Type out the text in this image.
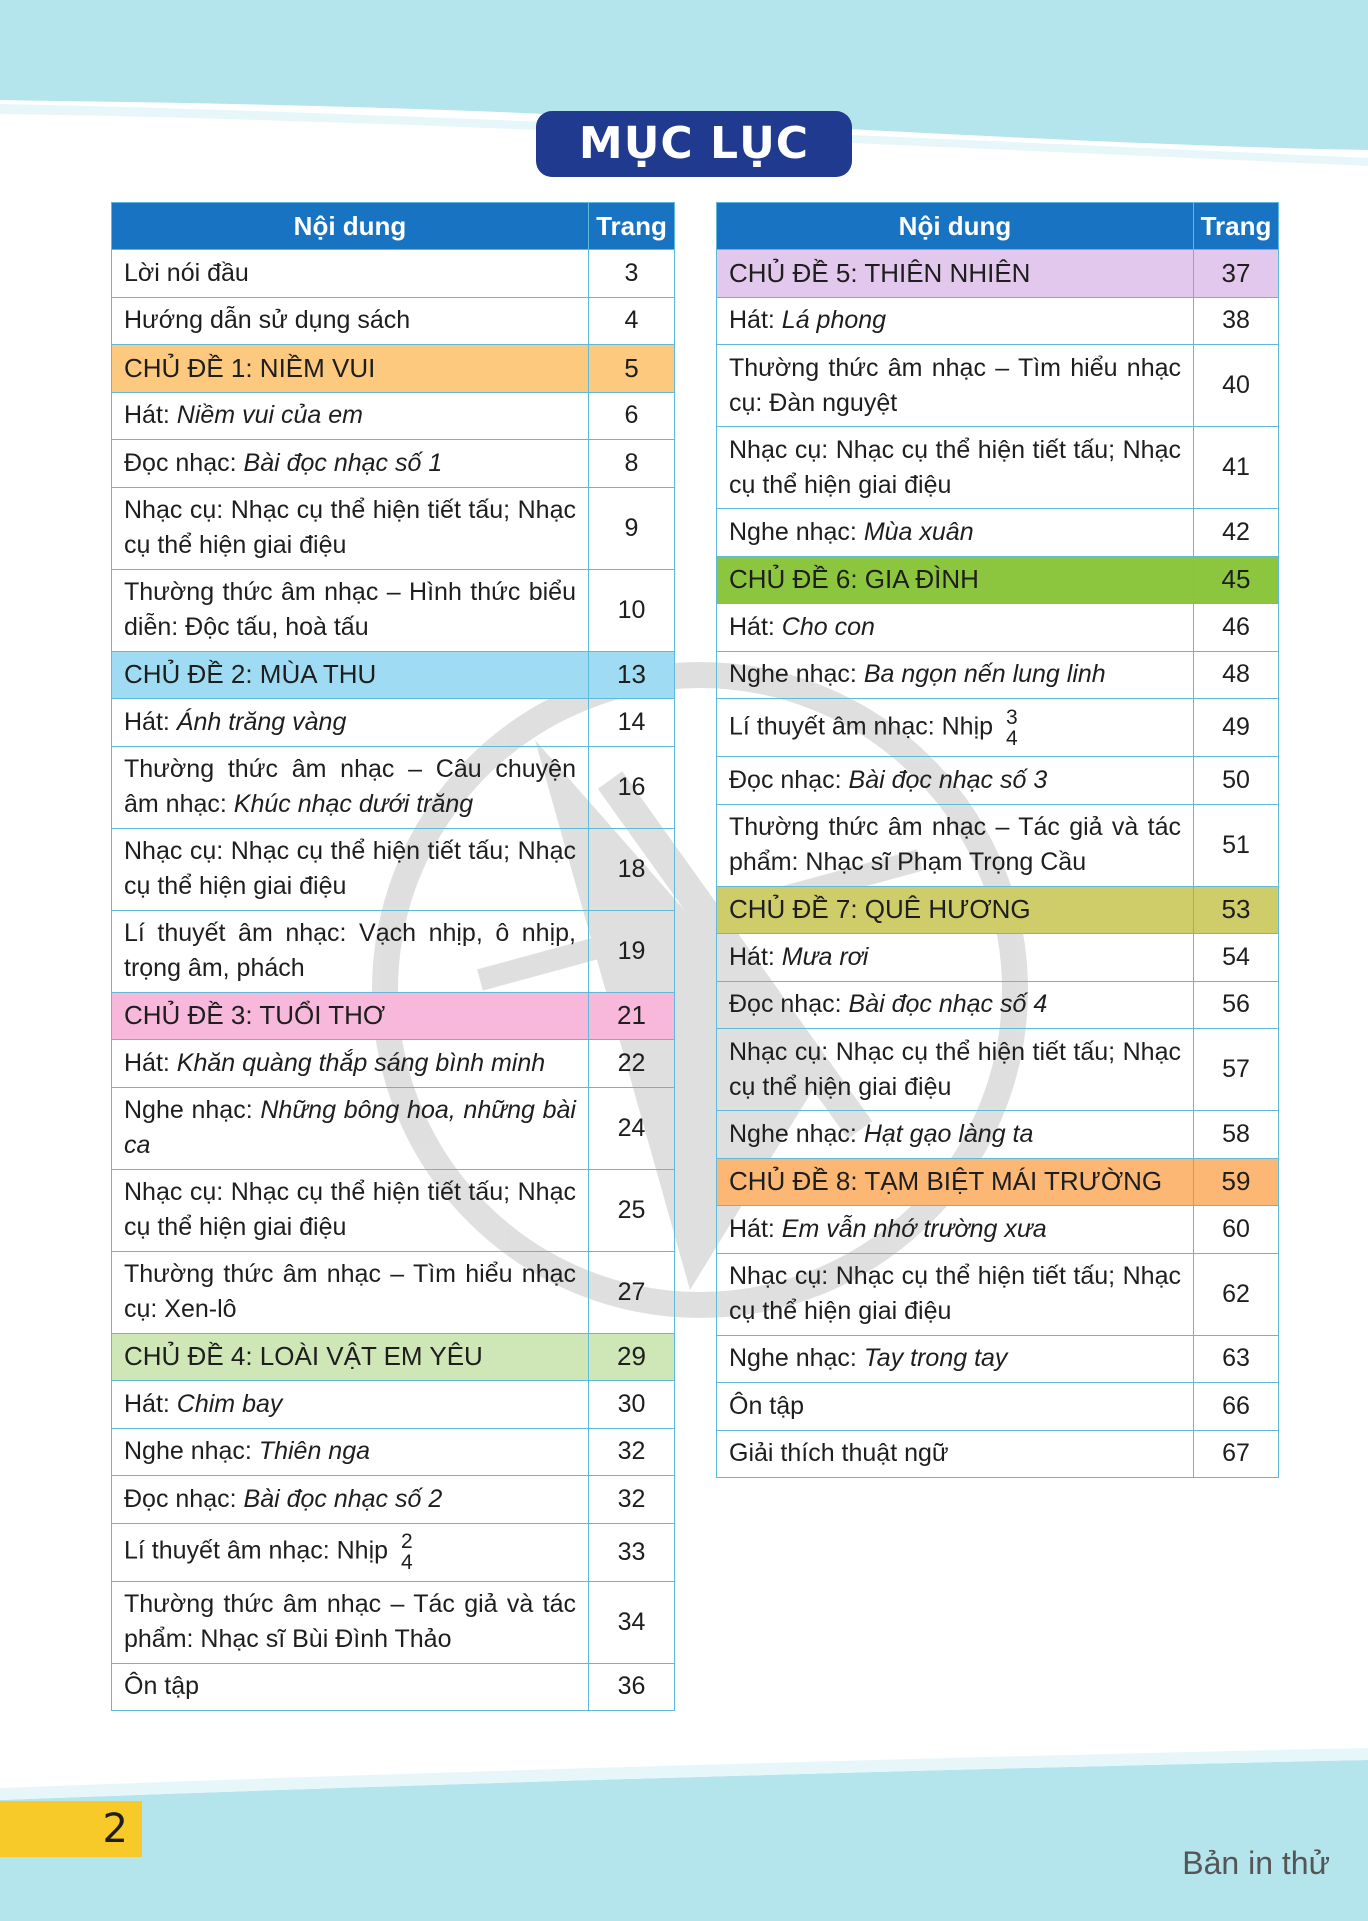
MỤC LỤC
Nội dung	Trang
Lời nói đầu	3
Hướng dẫn sử dụng sách	4
CHỦ ĐỀ 1: NIỀM VUI	5
Hát: Niềm vui của em	6
Đọc nhạc: Bài đọc nhạc số 1	8
Nhạc cụ: Nhạc cụ thể hiện tiết tấu; Nhạc cụ thể hiện giai điệu	9
Thường thức âm nhạc – Hình thức biểu diễn: Độc tấu, hoà tấu	10
CHỦ ĐỀ 2: MÙA THU	13
Hát: Ánh trăng vàng	14
Thường thức âm nhạc – Câu chuyện âm nhạc: Khúc nhạc dưới trăng	16
Nhạc cụ: Nhạc cụ thể hiện tiết tấu; Nhạc cụ thể hiện giai điệu	18
Lí thuyết âm nhạc: Vạch nhịp, ô nhịp, trọng âm, phách	19
CHỦ ĐỀ 3: TUỔI THƠ	21
Hát: Khăn quàng thắp sáng bình minh	22
Nghe nhạc: Những bông hoa, những bài ca	24
Nhạc cụ: Nhạc cụ thể hiện tiết tấu; Nhạc cụ thể hiện giai điệu	25
Thường thức âm nhạc – Tìm hiểu nhạc cụ: Xen-lô	27
CHỦ ĐỀ 4: LOÀI VẬT EM YÊU	29
Hát: Chim bay	30
Nghe nhạc: Thiên nga	32
Đọc nhạc: Bài đọc nhạc số 2	32
Lí thuyết âm nhạc: Nhịp 2
4	33
Thường thức âm nhạc – Tác giả và tác phẩm: Nhạc sĩ Bùi Đình Thảo	34
Ôn tập	36
Nội dung	Trang
CHỦ ĐỀ 5: THIÊN NHIÊN	37
Hát: Lá phong	38
Thường thức âm nhạc – Tìm hiểu nhạc cụ: Đàn nguyệt	40
Nhạc cụ: Nhạc cụ thể hiện tiết tấu; Nhạc cụ thể hiện giai điệu	41
Nghe nhạc: Mùa xuân	42
CHỦ ĐỀ 6: GIA ĐÌNH	45
Hát: Cho con	46
Nghe nhạc: Ba ngọn nến lung linh	48
Lí thuyết âm nhạc: Nhịp 3
4	49
Đọc nhạc: Bài đọc nhạc số 3	50
Thường thức âm nhạc – Tác giả và tác phẩm: Nhạc sĩ Phạm Trọng Cầu	51
CHỦ ĐỀ 7: QUÊ HƯƠNG	53
Hát: Mưa rơi	54
Đọc nhạc: Bài đọc nhạc số 4	56
Nhạc cụ: Nhạc cụ thể hiện tiết tấu; Nhạc cụ thể hiện giai điệu	57
Nghe nhạc: Hạt gạo làng ta	58
CHỦ ĐỀ 8: TẠM BIỆT MÁI TRƯỜNG	59
Hát: Em vẫn nhớ trường xưa	60
Nhạc cụ: Nhạc cụ thể hiện tiết tấu; Nhạc cụ thể hiện giai điệu	62
Nghe nhạc: Tay trong tay	63
Ôn tập	66
Giải thích thuật ngữ	67
2
Bản in thử
